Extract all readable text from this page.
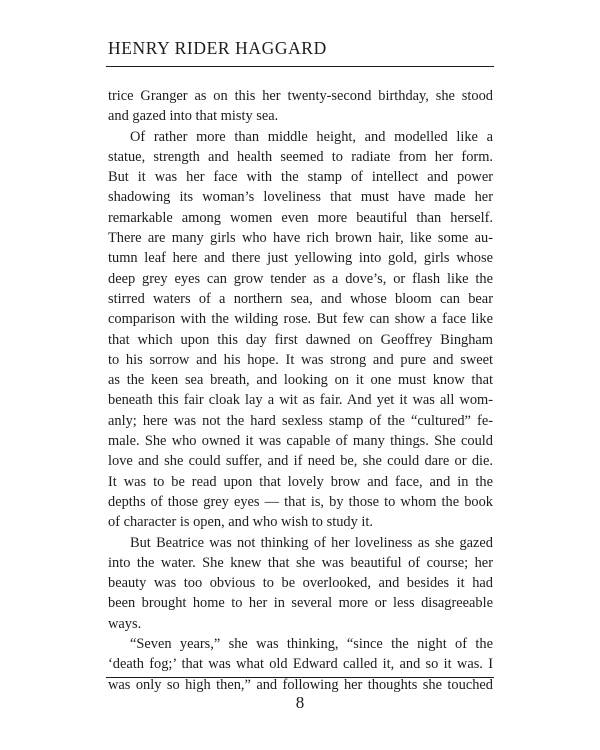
HENRY RIDER HAGGARD
trice Granger as on this her twenty-second birthday, she stood
and gazed into that misty sea.
Of rather more than middle height, and modelled like a
statue, strength and health seemed to radiate from her form.
But it was her face with the stamp of intellect and power
shadowing its woman’s loveliness that must have made her
remarkable among women even more beautiful than herself.
There are many girls who have rich brown hair, like some au-
tumn leaf here and there just yellowing into gold, girls whose
deep grey eyes can grow tender as a dove’s, or flash like the
stirred waters of a northern sea, and whose bloom can bear
comparison with the wilding rose. But few can show a face like
that which upon this day first dawned on Geoffrey Bingham
to his sorrow and his hope. It was strong and pure and sweet
as the keen sea breath, and looking on it one must know that
beneath this fair cloak lay a wit as fair. And yet it was all wom-
anly; here was not the hard sexless stamp of the “cultured” fe-
male. She who owned it was capable of many things. She could
love and she could suffer, and if need be, she could dare or die.
It was to be read upon that lovely brow and face, and in the
depths of those grey eyes — that is, by those to whom the book
of character is open, and who wish to study it.
But Beatrice was not thinking of her loveliness as she gazed
into the water. She knew that she was beautiful of course; her
beauty was too obvious to be overlooked, and besides it had
been brought home to her in several more or less disagreeable
ways.
“Seven years,” she was thinking, “since the night of the
‘death fog;’ that was what old Edward called it, and so it was. I
was only so high then,” and following her thoughts she touched
8
